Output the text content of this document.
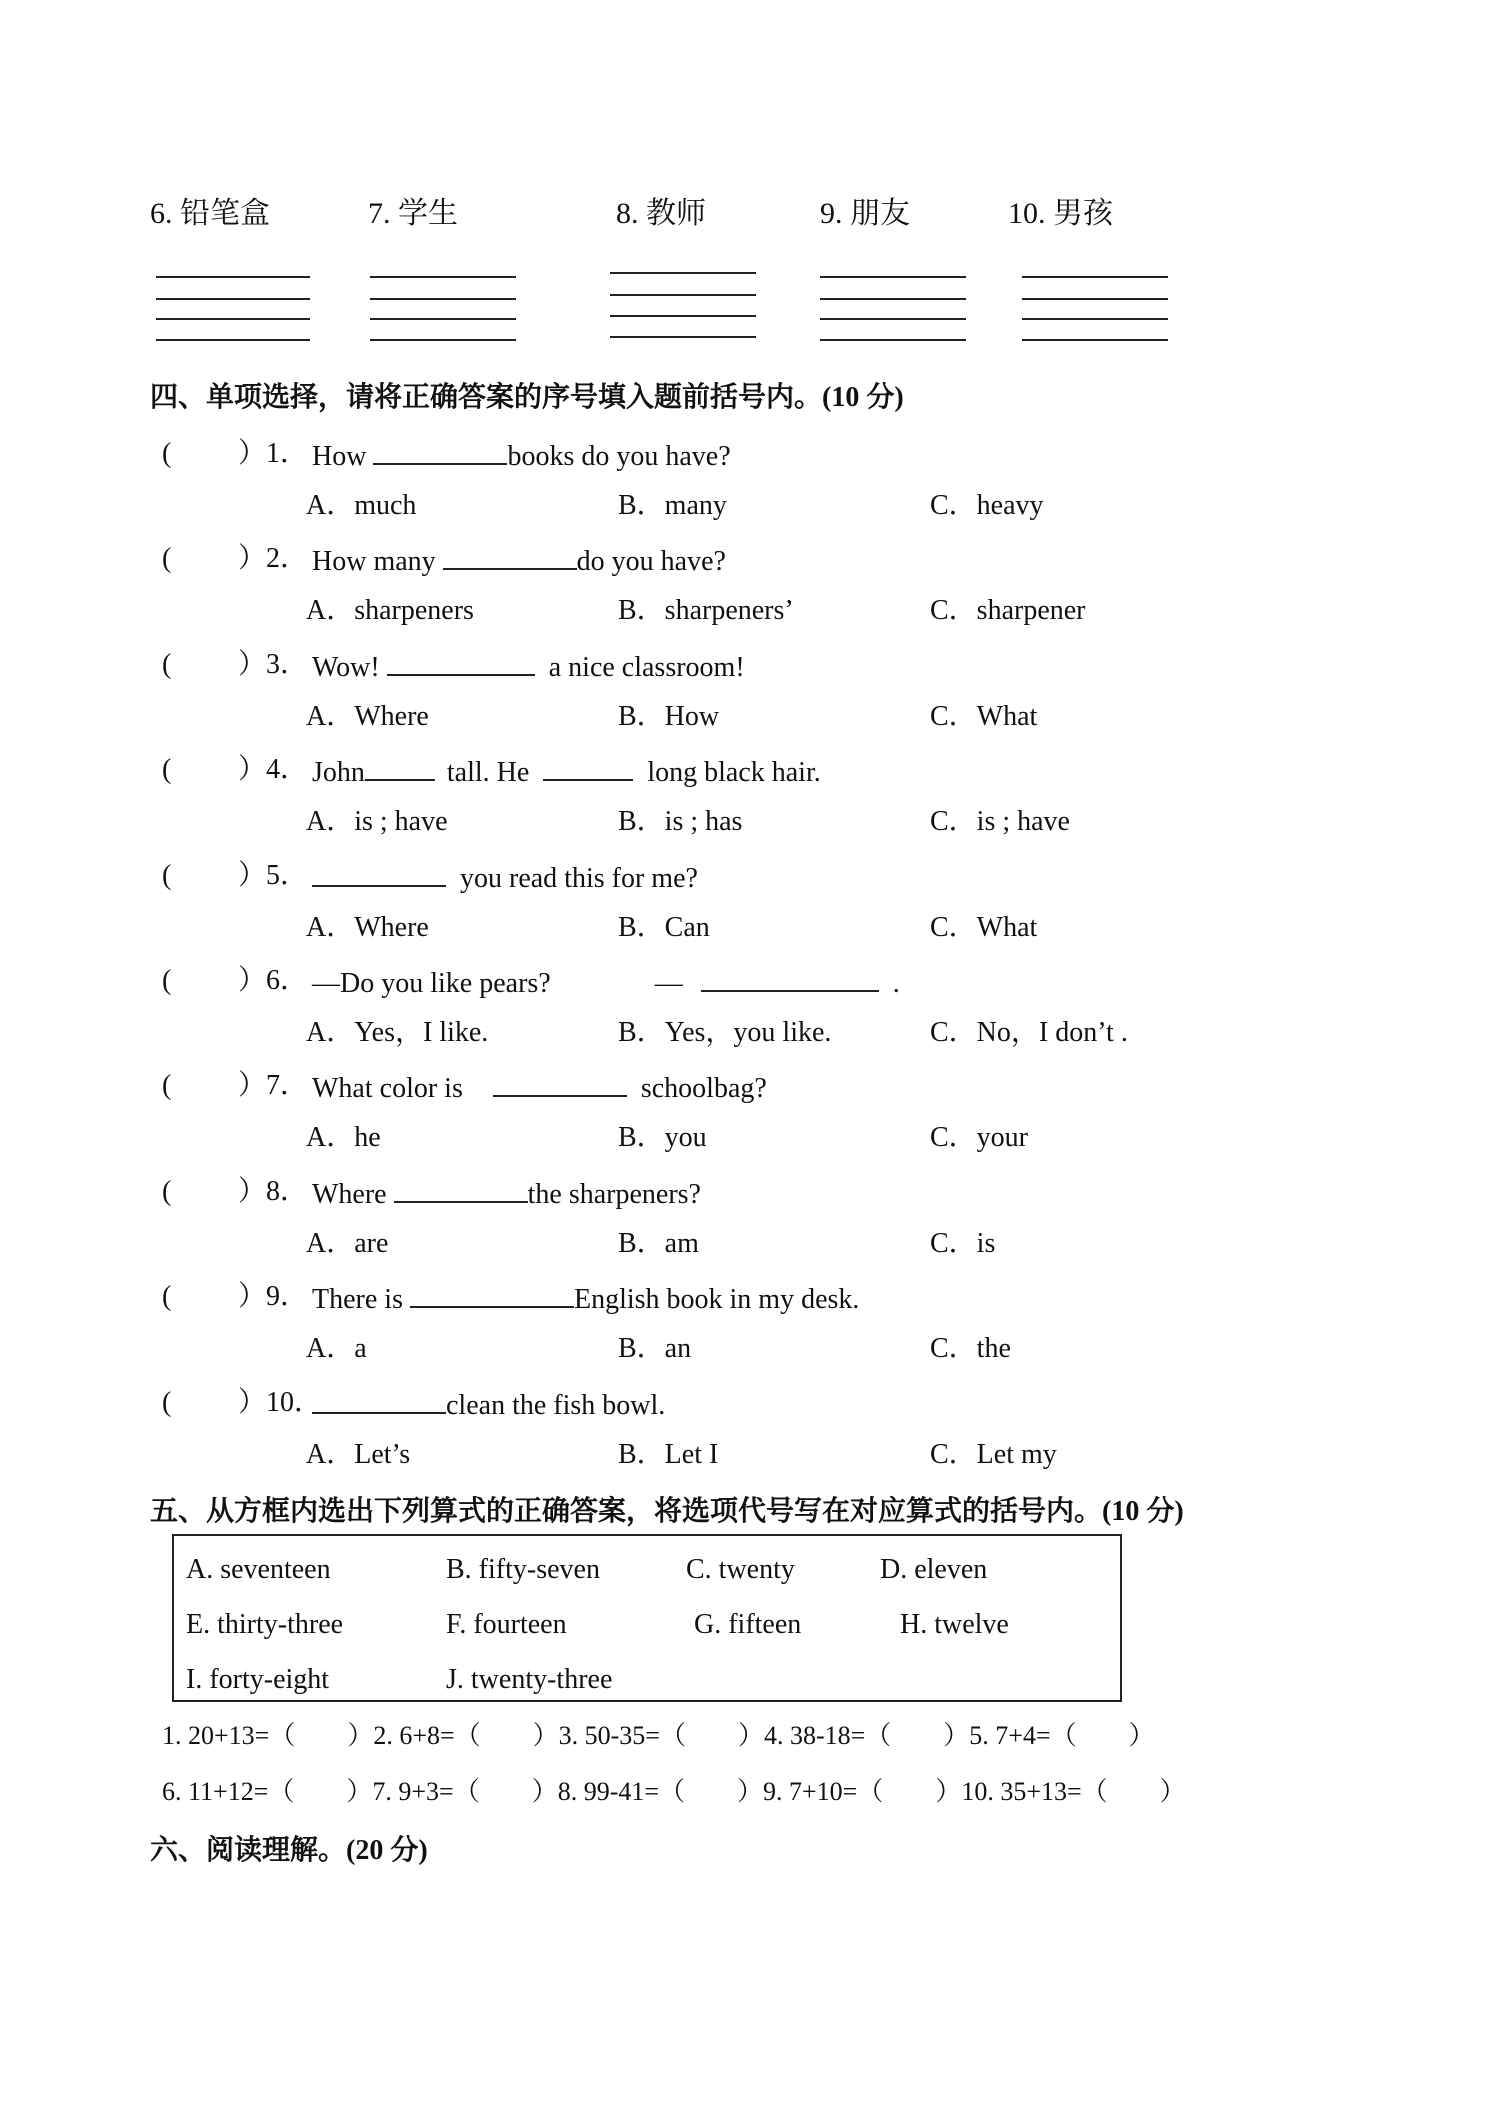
6. 铅笔盒	7. 学生	8. 教师	9. 朋友	10. 男孩
四、单项选择，请将正确答案的序号填入题前括号内。(10 分)
( ）1． How	books do you have?
A．much	B．many	C．heavy
( ）2． How many	do you have?
A．sharpeners	B．sharpeners’	C．sharpener
( ）3． Wow!	a nice classroom!
A．Where	B．How	C．What
( ）4． John	tall. He	long black hair.
A．is ; have	B．is ; has	C．is ; have
( ）5．	you read this for me?
A．Where	B．Can	C．What
( ）6． —Do you like pears?	—	.
A．Yes，I like.	B．Yes，you like.	C．No，I don’t .
( ）7． What color is	schoolbag?
A．he	B．you	C．your
( ）8． Where	the sharpeners?
A．are	B．am	C．is
( ）9． There is	English book in my desk.
A．a	B．an	C．the
( ）10．	clean the fish bowl.
A．Let’s	B．Let I	C．Let my
五、从方框内选出下列算式的正确答案，将选项代号写在对应算式的括号内。(10 分)
A. seventeen	B. fifty-seven	C. twenty	D. eleven
E. thirty-three	F. fourteen	G. fifteen	H. twelve
I. forty-eight	J. twenty-three
1. 20+13=（　　）2. 6+8=（　　）3. 50-35=（　　）4. 38-18=（　　）5. 7+4=（　　）
6. 11+12=（　　）7. 9+3=（　　）8. 99-41=（　　）9. 7+10=（　　）10. 35+13=（　　）
六、阅读理解。(20 分)
